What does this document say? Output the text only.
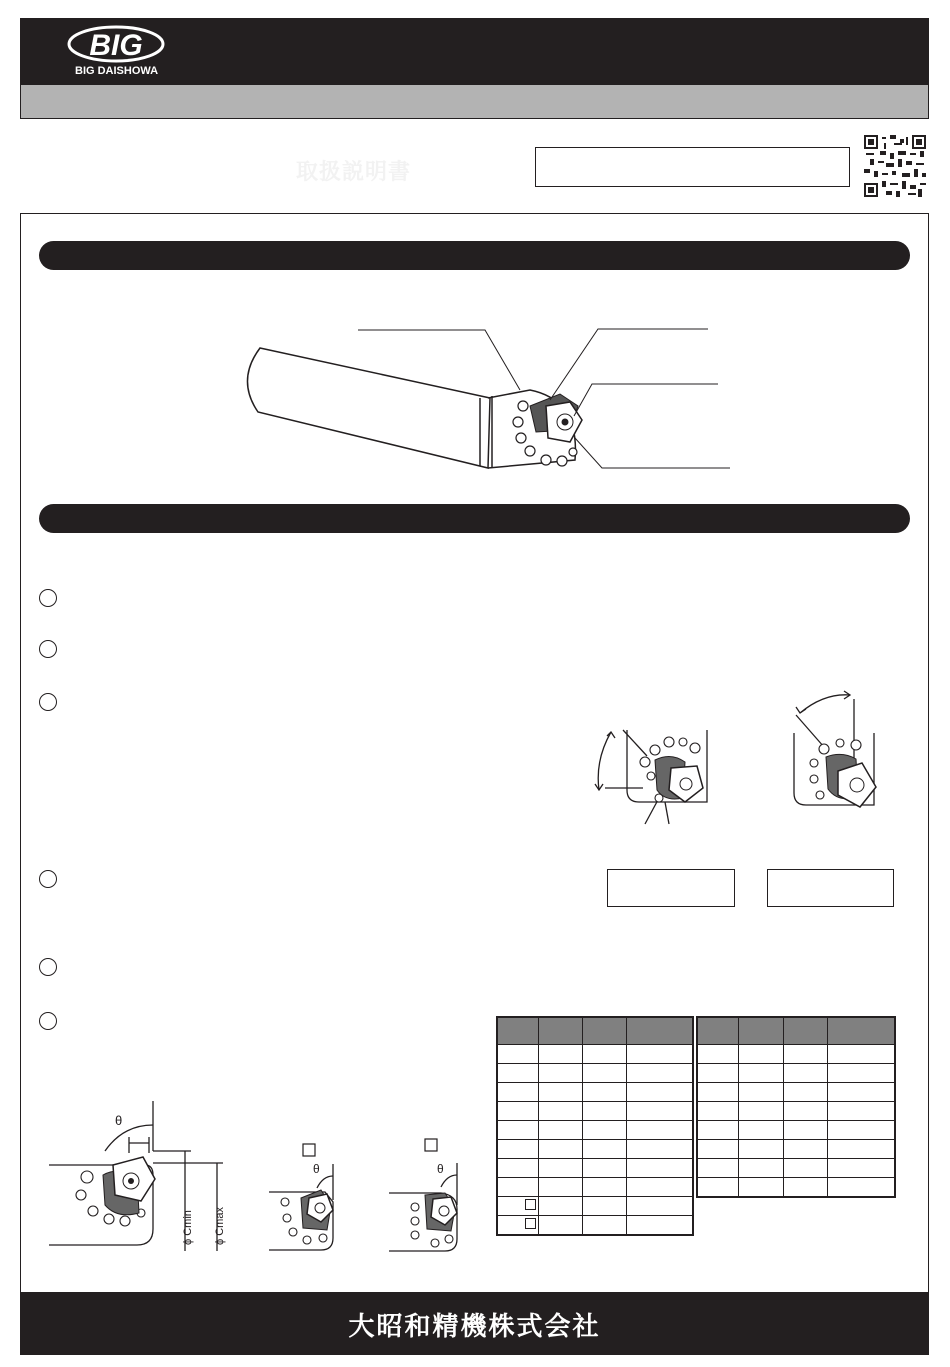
BIG
BIG DAISHOWA
取扱説明書
θ
ϕ Cmin ϕ Cmax
θ	θ

大昭和精機株式会社
